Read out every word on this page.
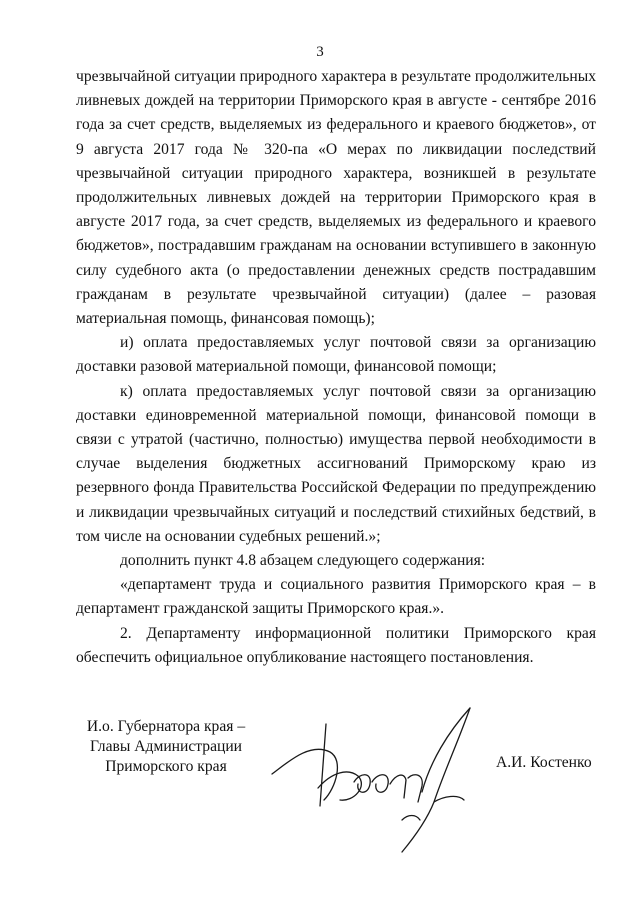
3

чрезвычайной ситуации природного характера в результате продолжительных ливневых дождей на территории Приморского края в августе - сентябре 2016 года за счет средств, выделяемых из федерального и краевого бюджетов», от 9 августа 2017 года № 320-па «О мерах по ликвидации последствий чрезвычайной ситуации природного характера, возникшей в результате продолжительных ливневых дождей на территории Приморского края в августе 2017 года, за счет средств, выделяемых из федерального и краевого бюджетов», пострадавшим гражданам на основании вступившего в законную силу судебного акта (о предоставлении денежных средств пострадавшим гражданам в результате чрезвычайной ситуации) (далее – разовая материальная помощь, финансовая помощь);

и) оплата предоставляемых услуг почтовой связи за организацию доставки разовой материальной помощи, финансовой помощи;

к) оплата предоставляемых услуг почтовой связи за организацию доставки единовременной материальной помощи, финансовой помощи в связи с утратой (частично, полностью) имущества первой необходимости в случае выделения бюджетных ассигнований Приморскому краю из резервного фонда Правительства Российской Федерации по предупреждению и ликвидации чрезвычайных ситуаций и последствий стихийных бедствий, в том числе на основании судебных решений.»;

дополнить пункт 4.8 абзацем следующего содержания:

«департамент труда и социального развития Приморского края – в департамент гражданской защиты Приморского края.».

2. Департаменту информационной политики Приморского края обеспечить официальное опубликование настоящего постановления.

И.о. Губернатора края –
Главы Администрации
Приморского края	А.И. Костенко
